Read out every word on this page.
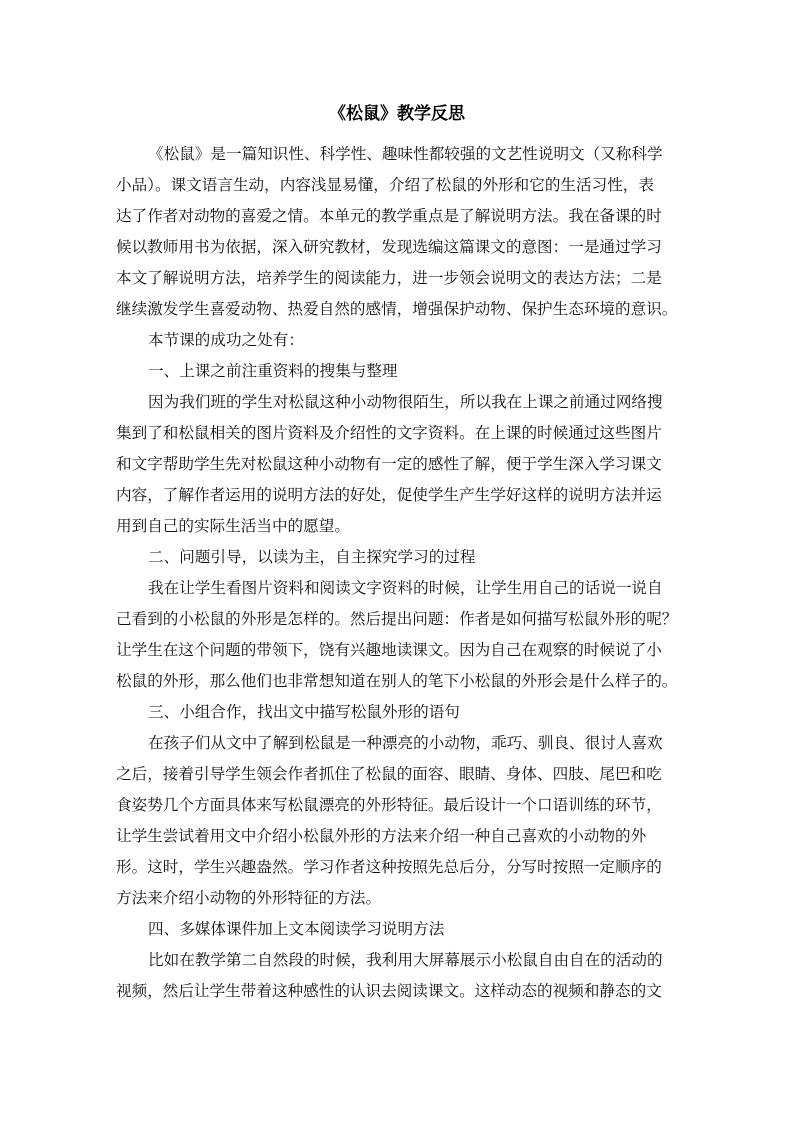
《松鼠》教学反思
《松鼠》是一篇知识性、科学性、趣味性都较强的文艺性说明文（又称科学
小品）。课文语言生动，内容浅显易懂，介绍了松鼠的外形和它的生活习性，表
达了作者对动物的喜爱之情。本单元的教学重点是了解说明方法。我在备课的时
候以教师用书为依据，深入研究教材，发现选编这篇课文的意图：一是通过学习
本文了解说明方法，培养学生的阅读能力，进一步领会说明文的表达方法；二是
继续激发学生喜爱动物、热爱自然的感情，增强保护动物、保护生态环境的意识。
本节课的成功之处有：
一、上课之前注重资料的搜集与整理
因为我们班的学生对松鼠这种小动物很陌生，所以我在上课之前通过网络搜
集到了和松鼠相关的图片资料及介绍性的文字资料。在上课的时候通过这些图片
和文字帮助学生先对松鼠这种小动物有一定的感性了解，便于学生深入学习课文
内容，了解作者运用的说明方法的好处，促使学生产生学好这样的说明方法并运
用到自己的实际生活当中的愿望。
二、问题引导，以读为主，自主探究学习的过程
我在让学生看图片资料和阅读文字资料的时候，让学生用自己的话说一说自
己看到的小松鼠的外形是怎样的。然后提出问题：作者是如何描写松鼠外形的呢？
让学生在这个问题的带领下，饶有兴趣地读课文。因为自己在观察的时候说了小
松鼠的外形，那么他们也非常想知道在别人的笔下小松鼠的外形会是什么样子的。
三、小组合作，找出文中描写松鼠外形的语句
在孩子们从文中了解到松鼠是一种漂亮的小动物，乖巧、驯良、很讨人喜欢
之后，接着引导学生领会作者抓住了松鼠的面容、眼睛、身体、四肢、尾巴和吃
食姿势几个方面具体来写松鼠漂亮的外形特征。最后设计一个口语训练的环节，
让学生尝试着用文中介绍小松鼠外形的方法来介绍一种自己喜欢的小动物的外
形。这时，学生兴趣盎然。学习作者这种按照先总后分，分写时按照一定顺序的
方法来介绍小动物的外形特征的方法。
四、多媒体课件加上文本阅读学习说明方法
比如在教学第二自然段的时候，我利用大屏幕展示小松鼠自由自在的活动的
视频，然后让学生带着这种感性的认识去阅读课文。这样动态的视频和静态的文
